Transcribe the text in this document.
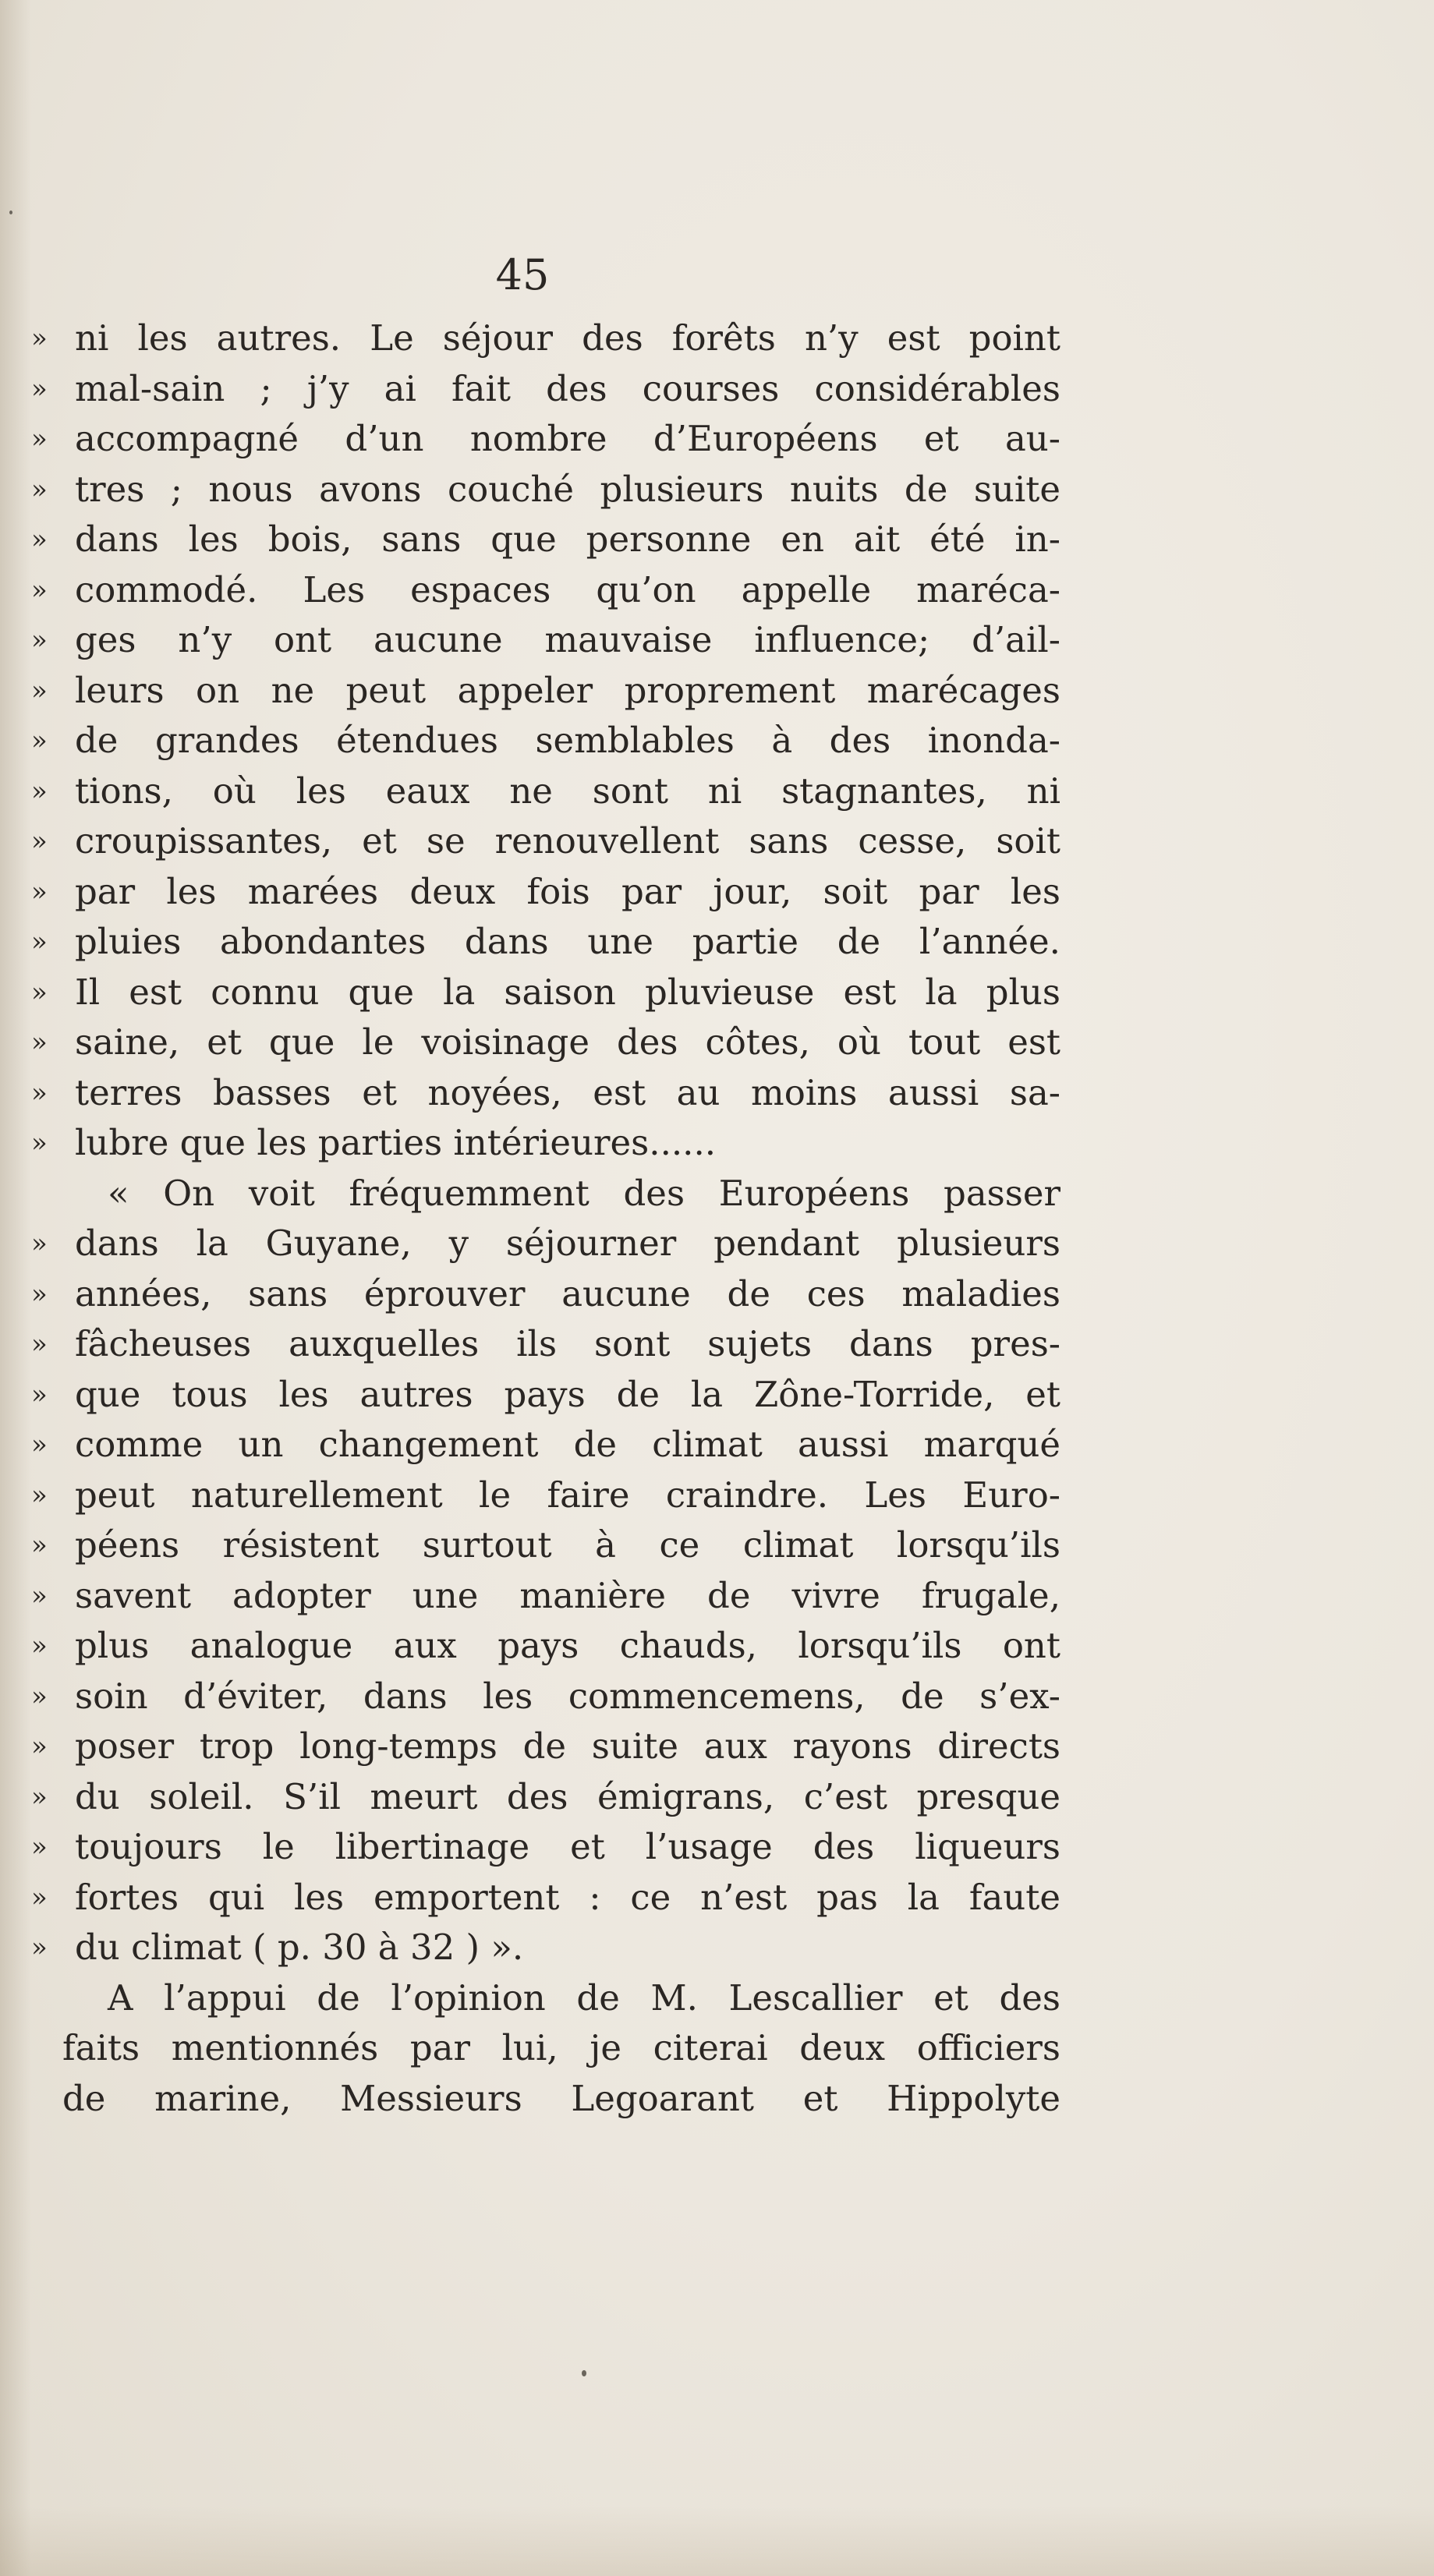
45
» ni les autres. Le séjour des forêts n’y est point
» mal-sain ; j’y ai fait des courses considérables
» accompagné d’un nombre d’Européens et au-
» tres ; nous avons couché plusieurs nuits de suite
» dans les bois, sans que personne en ait été in-
» commodé. Les espaces qu’on appelle maréca-
» ges n’y ont aucune mauvaise influence; d’ail-
» leurs on ne peut appeler proprement marécages
» de grandes étendues semblables à des inonda-
» tions, où les eaux ne sont ni stagnantes, ni
» croupissantes, et se renouvellent sans cesse, soit
» par les marées deux fois par jour, soit par les
» pluies abondantes dans une partie de l’année.
» Il est connu que la saison pluvieuse est la plus
» saine, et que le voisinage des côtes, où tout est
» terres basses et noyées, est au moins aussi sa-
» lubre que les parties intérieures......
« On voit fréquemment des Européens passer
» dans la Guyane, y séjourner pendant plusieurs
» années, sans éprouver aucune de ces maladies
» fâcheuses auxquelles ils sont sujets dans pres-
» que tous les autres pays de la Zône-Torride, et
» comme un changement de climat aussi marqué
» peut naturellement le faire craindre. Les Euro-
» péens résistent surtout à ce climat lorsqu’ils
» savent adopter une manière de vivre frugale,
» plus analogue aux pays chauds, lorsqu’ils ont
» soin d’éviter, dans les commencemens, de s’ex-
» poser trop long-temps de suite aux rayons directs
» du soleil. S’il meurt des émigrans, c’est presque
» toujours le libertinage et l’usage des liqueurs
» fortes qui les emportent : ce n’est pas la faute
» du climat ( p. 30 à 32 ) ».
A l’appui de l’opinion de M. Lescallier et des
faits mentionnés par lui, je citerai deux officiers
de marine, Messieurs Legoarant et Hippolyte
